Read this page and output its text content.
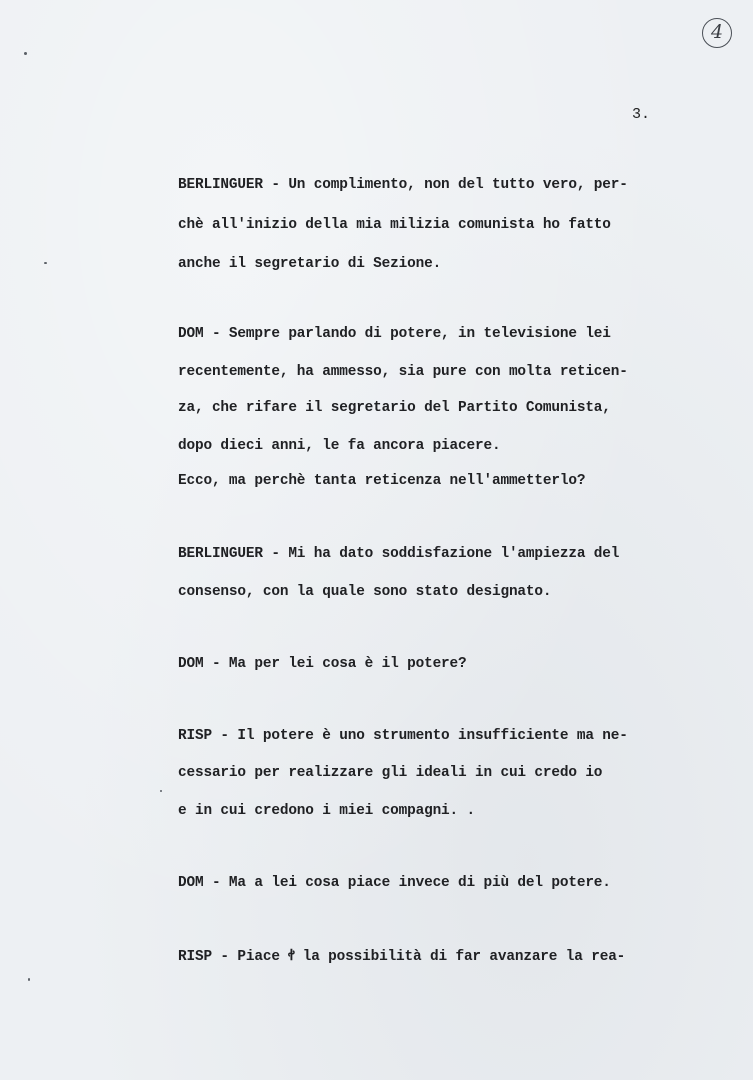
4
3.
BERLINGUER - Un complimento, non del tutto vero, per-
chè all'inizio della mia milizia comunista ho fatto
anche il segretario di Sezione.
DOM - Sempre parlando di potere, in televisione lei
recentemente, ha ammesso, sia pure con molta reticen-
za, che rifare il segretario del Partito Comunista,
dopo dieci anni, le fa ancora piacere.
Ecco, ma perchè tanta reticenza nell'ammetterlo?
BERLINGUER - Mi ha dato soddisfazione l'ampiezza del
consenso, con la quale sono stato designato.
DOM - Ma per lei cosa è il potere?
RISP - Il potere è uno strumento insufficiente ma ne-
cessario per realizzare gli ideali in cui credo io
e in cui credono i miei compagni. .
DOM - Ma a lei cosa piace invece di più del potere.
RISP - Piace ꬷ la possibilità di far avanzare la rea-
